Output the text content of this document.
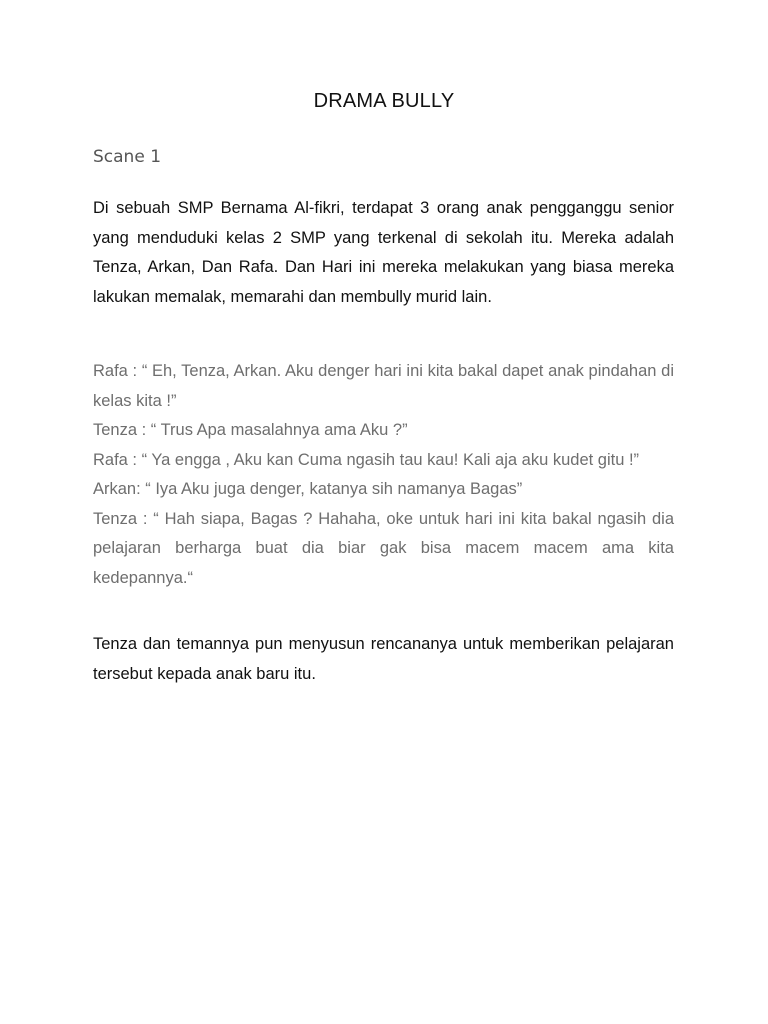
DRAMA BULLY
Scane 1
Di sebuah SMP Bernama Al-fikri, terdapat 3 orang anak pengganggu senior yang menduduki kelas 2 SMP yang terkenal di sekolah itu. Mereka adalah Tenza, Arkan, Dan Rafa. Dan Hari ini mereka melakukan yang biasa mereka lakukan memalak, memarahi dan membully murid lain.
Rafa : “ Eh, Tenza, Arkan. Aku denger hari ini kita bakal dapet anak pindahan di kelas kita !”
Tenza : “ Trus Apa masalahnya ama Aku ?”
Rafa : “ Ya engga , Aku kan Cuma ngasih tau kau! Kali aja aku kudet gitu !”
Arkan: “ Iya Aku juga denger, katanya sih namanya Bagas”
Tenza : “ Hah siapa, Bagas ? Hahaha, oke untuk hari ini kita bakal ngasih dia pelajaran berharga buat dia biar gak bisa macem macem ama kita kedepannya.“
Tenza dan temannya pun menyusun rencananya untuk memberikan pelajaran tersebut kepada anak baru itu.
